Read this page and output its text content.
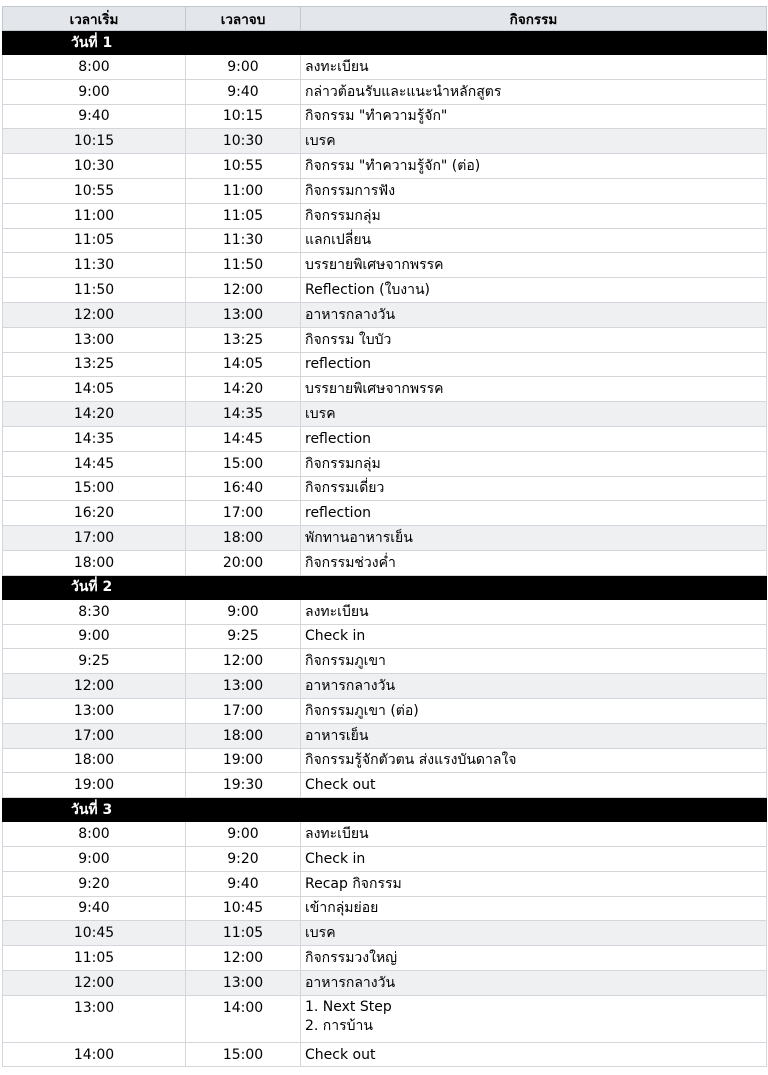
เวลาเริ่ม	เวลาจบ	กิจกรรม
วันที่ 1		
8:00	9:00	ลงทะเบียน
9:00	9:40	กล่าวต้อนรับและแนะนำหลักสูตร
9:40	10:15	กิจกรรม "ทำความรู้จัก"
10:15	10:30	เบรค
10:30	10:55	กิจกรรม "ทำความรู้จัก" (ต่อ)
10:55	11:00	กิจกรรมการฟัง
11:00	11:05	กิจกรรมกลุ่ม
11:05	11:30	แลกเปลี่ยน
11:30	11:50	บรรยายพิเศษจากพรรค
11:50	12:00	Reflection (ใบงาน)
12:00	13:00	อาหารกลางวัน
13:00	13:25	กิจกรรม ใบบัว
13:25	14:05	reflection
14:05	14:20	บรรยายพิเศษจากพรรค
14:20	14:35	เบรค
14:35	14:45	reflection
14:45	15:00	กิจกรรมกลุ่ม
15:00	16:40	กิจกรรมเดี่ยว
16:20	17:00	reflection
17:00	18:00	พักทานอาหารเย็น
18:00	20:00	กิจกรรมช่วงค่ำ
วันที่ 2		
8:30	9:00	ลงทะเบียน
9:00	9:25	Check in
9:25	12:00	กิจกรรมภูเขา
12:00	13:00	อาหารกลางวัน
13:00	17:00	กิจกรรมภูเขา (ต่อ)
17:00	18:00	อาหารเย็น
18:00	19:00	กิจกรรมรู้จักตัวตน ส่งแรงบันดาลใจ
19:00	19:30	Check out
วันที่ 3		
8:00	9:00	ลงทะเบียน
9:00	9:20	Check in
9:20	9:40	Recap กิจกรรม
9:40	10:45	เข้ากลุ่มย่อย
10:45	11:05	เบรค
11:05	12:00	กิจกรรมวงใหญ่
12:00	13:00	อาหารกลางวัน
13:00	14:00	1. Next Step
2. การบ้าน

14:00	15:00	Check out
